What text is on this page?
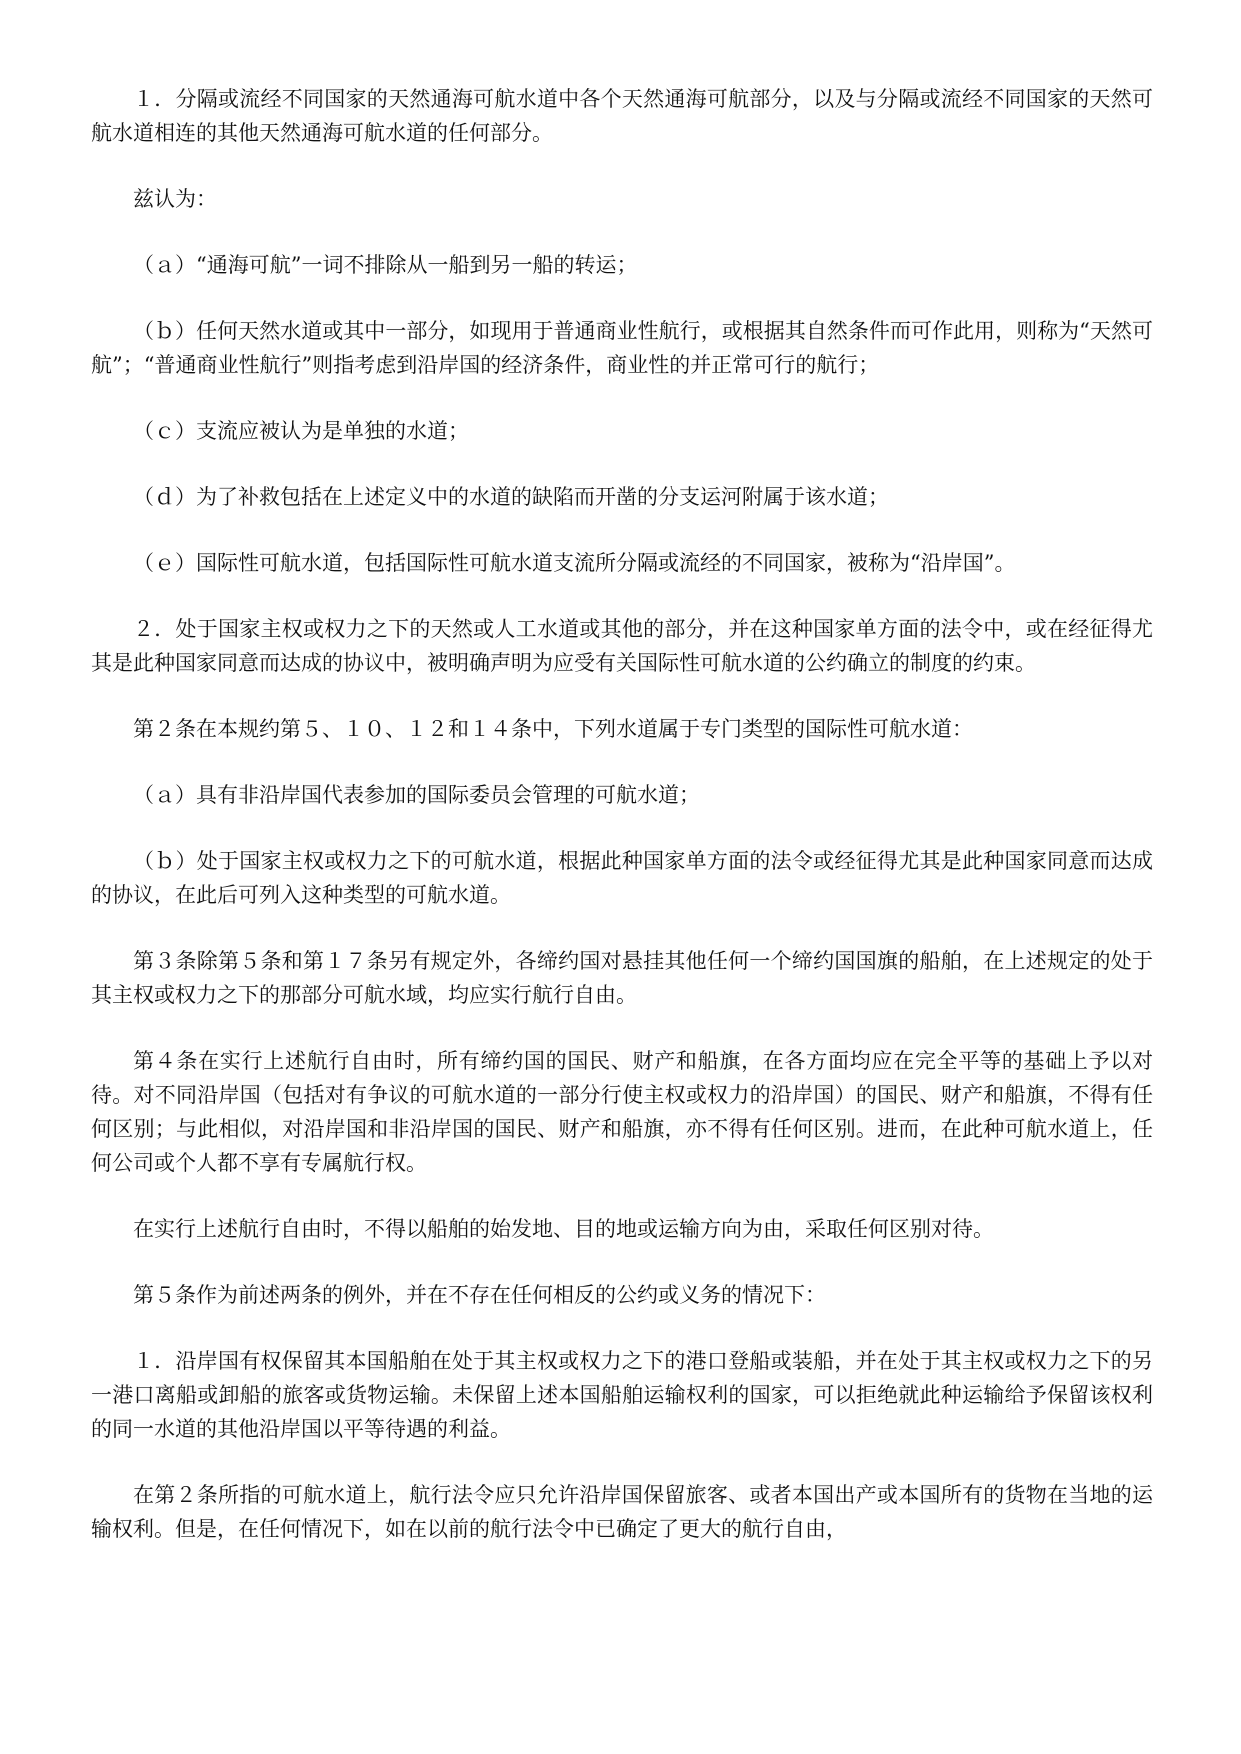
１．分隔或流经不同国家的天然通海可航水道中各个天然通海可航部分，以及与分隔或流经不同国家的天然可航水道相连的其他天然通海可航水道的任何部分。

兹认为：

（ａ）“通海可航”一词不排除从一船到另一船的转运；

（ｂ）任何天然水道或其中一部分，如现用于普通商业性航行，或根据其自然条件而可作此用，则称为“天然可航”；“普通商业性航行”则指考虑到沿岸国的经济条件，商业性的并正常可行的航行；

（ｃ）支流应被认为是单独的水道；

（ｄ）为了补救包括在上述定义中的水道的缺陷而开凿的分支运河附属于该水道；

（ｅ）国际性可航水道，包括国际性可航水道支流所分隔或流经的不同国家，被称为“沿岸国”。

２．处于国家主权或权力之下的天然或人工水道或其他的部分，并在这种国家单方面的法令中，或在经征得尤其是此种国家同意而达成的协议中，被明确声明为应受有关国际性可航水道的公约确立的制度的约束。

第２条在本规约第５、１０、１２和１４条中，下列水道属于专门类型的国际性可航水道：

（ａ）具有非沿岸国代表参加的国际委员会管理的可航水道；

（ｂ）处于国家主权或权力之下的可航水道，根据此种国家单方面的法令或经征得尤其是此种国家同意而达成的协议，在此后可列入这种类型的可航水道。

第３条除第５条和第１７条另有规定外，各缔约国对悬挂其他任何一个缔约国国旗的船舶，在上述规定的处于其主权或权力之下的那部分可航水域，均应实行航行自由。

第４条在实行上述航行自由时，所有缔约国的国民、财产和船旗，在各方面均应在完全平等的基础上予以对待。对不同沿岸国（包括对有争议的可航水道的一部分行使主权或权力的沿岸国）的国民、财产和船旗，不得有任何区别；与此相似，对沿岸国和非沿岸国的国民、财产和船旗，亦不得有任何区别。进而，在此种可航水道上，任何公司或个人都不享有专属航行权。

在实行上述航行自由时，不得以船舶的始发地、目的地或运输方向为由，采取任何区别对待。

第５条作为前述两条的例外，并在不存在任何相反的公约或义务的情况下：

１．沿岸国有权保留其本国船舶在处于其主权或权力之下的港口登船或装船，并在处于其主权或权力之下的另一港口离船或卸船的旅客或货物运输。未保留上述本国船舶运输权利的国家，可以拒绝就此种运输给予保留该权利的同一水道的其他沿岸国以平等待遇的利益。

在第２条所指的可航水道上，航行法令应只允许沿岸国保留旅客、或者本国出产或本国所有的货物在当地的运输权利。但是，在任何情况下，如在以前的航行法令中已确定了更大的航行自由，
